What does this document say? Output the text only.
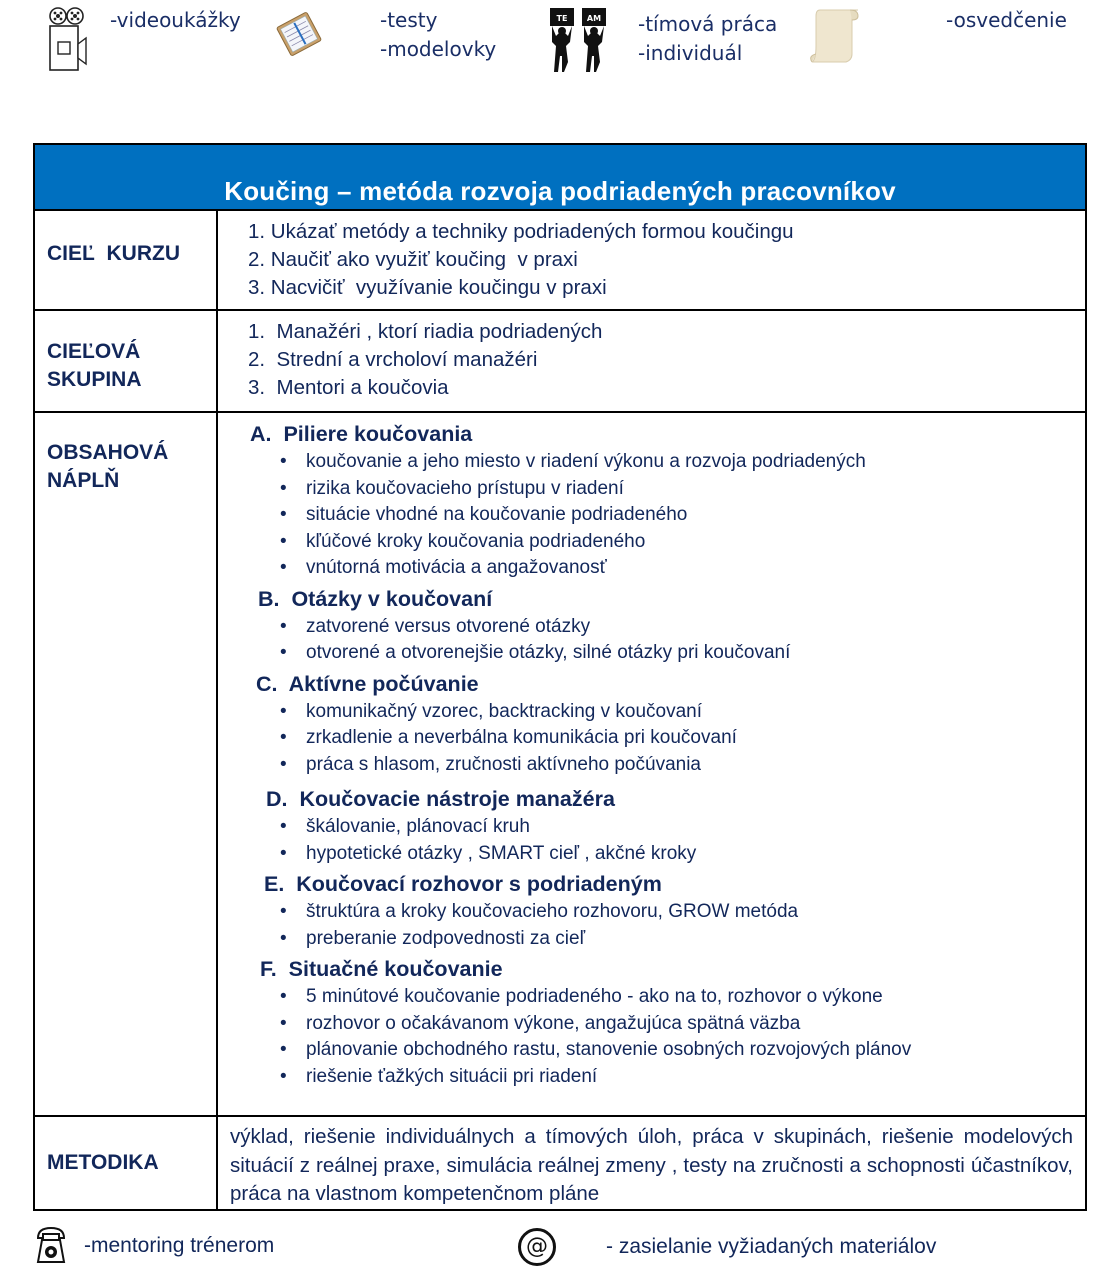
-videoukážky	-testy
-modelovky
TE AM -tímová práca
-individuál
-osvedčenie
Koučing – metóda rozvoja podriadených pracovníkov
CIEĽ  KURZU
1. Ukázať metódy a techniky podriadených formou koučingu
2. Naučiť ako využiť koučing  v praxi
3. Nacvičiť  využívanie koučingu v praxi
CIEĽOVÁ
SKUPINA
1.  Manažéri , ktorí riadia podriadených
2.  Strední a vrcholoví manažéri
3.  Mentori a koučovia
OBSAHOVÁ
NÁPLŇ
A.  Piliere koučovania
• koučovanie a jeho miesto v riadení výkonu a rozvoja podriadených
• rizika koučovacieho prístupu v riadení
• situácie vhodné na koučovanie podriadeného
• kľúčové kroky koučovania podriadeného
• vnútorná motivácia a angažovanosť
B.  Otázky v koučovaní
• zatvorené versus otvorené otázky
• otvorené a otvorenejšie otázky, silné otázky pri koučovaní
C.  Aktívne počúvanie
• komunikačný vzorec, backtracking v koučovaní
• zrkadlenie a neverbálna komunikácia pri koučovaní
• práca s hlasom, zručnosti aktívneho počúvania
D.  Koučovacie nástroje manažéra
• škálovanie, plánovací kruh
• hypotetické otázky , SMART cieľ , akčné kroky
E.  Koučovací rozhovor s podriadeným
• štruktúra a kroky koučovacieho rozhovoru, GROW metóda
• preberanie zodpovednosti za cieľ
F.  Situačné koučovanie
• 5 minútové koučovanie podriadeného - ako na to, rozhovor o výkone
• rozhovor o očakávanom výkone, angažujúca spätná väzba
• plánovanie obchodného rastu, stanovenie osobných rozvojových plánov
• riešenie ťažkých situácii pri riadení
METODIKA
výklad, riešenie individuálnych a tímových úloh, práca v skupinách, riešenie modelových situácií z reálnej praxe, simulácia reálnej zmeny , testy na zručnosti a schopnosti účastníkov, práca na vlastnom kompetenčnom pláne
-mentoring trénerom	@	- zasielanie vyžiadaných materiálov
